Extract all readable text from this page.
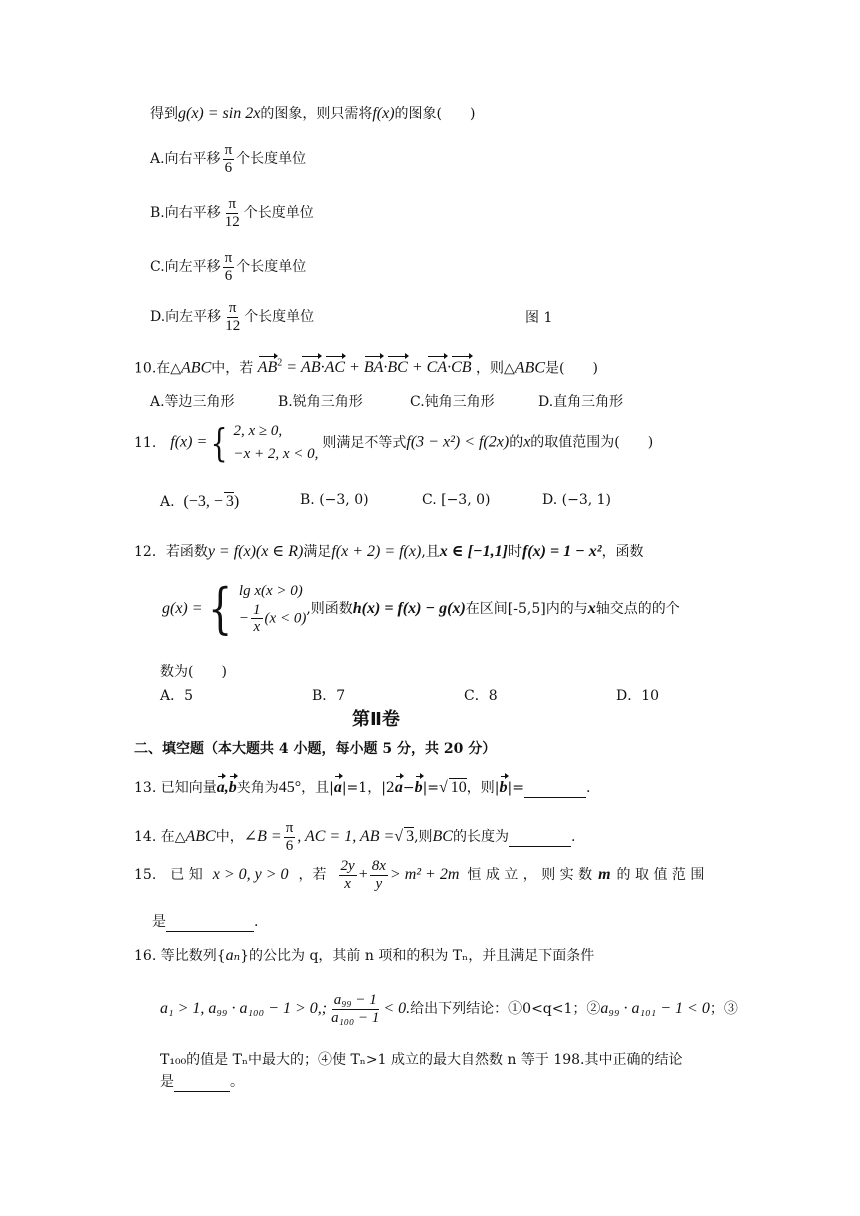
得到g(x) = sin 2x的图象，则只需将f(x)的图象(　　)
A.向右平移 $\frac{\pi}{6}$ 个长度单位
B.向右平移 $\frac{\pi}{12}$ 个长度单位
C.向左平移 $\frac{\pi}{6}$ 个长度单位
D.向左平移 $\frac{\pi}{12}$ 个长度单位	图 1
10.在△ABC中，若 $AB^2 = AB\cdot AC + BA\cdot BC + CA\cdot CB$ ，则△ABC是(　　)
A.等边三角形	B.锐角三角形	C.钝角三角形	D.直角三角形
11. f(x) ={ 2, x ≥ 0,
−x + 2, x < 0,
则满足不等式f(3 − x²) < f(2x)的x的取值范围为(　　)
A. (−3, − 3)	B. (−3, 0)	C. [−3, 0)	D. (−3, 1)
12．若函数y = f(x)(x ∈ R)满足f(x + 2) = f(x),且x ∈ [−1,1]时f(x) = 1 − x²，函数
g(x) ={ lg x(x > 0)
− $\frac{1}{x} (x < 0)$
,则函数h(x) = f(x) − g(x)在区间[-5,5]内的与x轴交点的的个
数为(　　)
A．5	B．7	C．8	D．10
第Ⅱ卷
二、填空题（本大题共 4 小题，每小题 5 分，共 20 分）
13. 已知向量a,b夹角为45°，且|a|=1，|2a−b|=√ 10，则|b|=	.
14. 在△ABC中，∠B = $\frac{\pi}{6}$ , AC = 1, AB =√ 3,则BC的长度为	.
15.　已 知 x > 0, y > 0 ，若 $\frac{2y}{x} + \frac{8x}{y} > m^2 + 2m$ 恒 成 立 ， 则 实 数 m 的 取 值 范 围
是	.
16. 等比数列{aₙ}的公比为 q，其前 n 项和的积为 Tₙ，并且满足下面条件
a₁ > 1, a₉₉ · a₁₀₀ − 1 > 0,; $\frac{\text{a₉₉ − 1}}{\text{a₁₀₀ − 1}} < 0$.给出下列结论：①0<q<1；②a₉₉ · a₁₀₁ − 1 < 0；③
T₁₀₀的值是 Tₙ中最大的；④使 Tₙ>1 成立的最大自然数 n 等于 198.其中正确的结论
是	。
